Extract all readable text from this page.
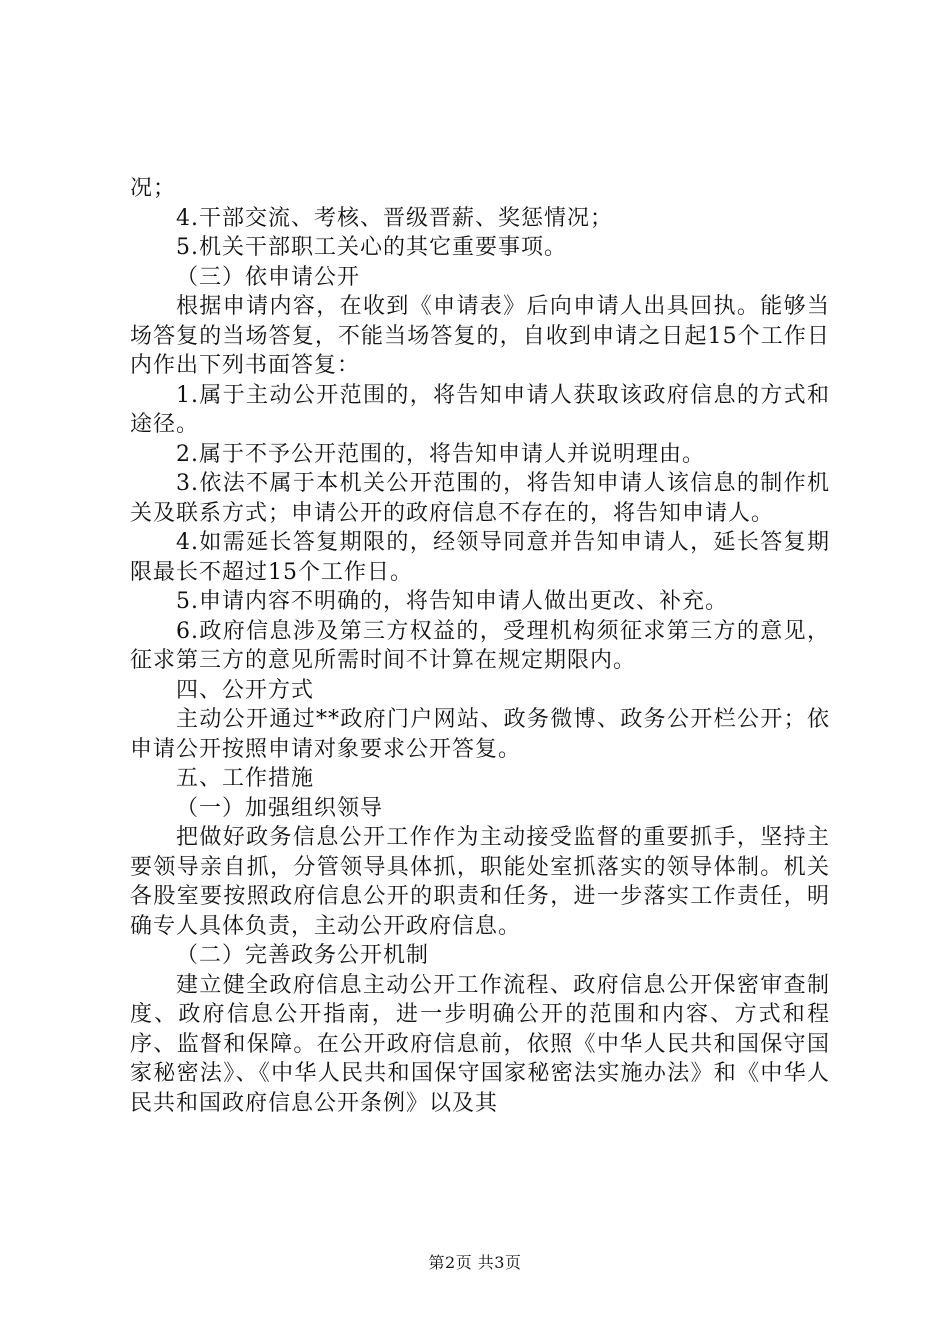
况；

4.干部交流、考核、晋级晋薪、奖惩情况；

5.机关干部职工关心的其它重要事项。

（三）依申请公开

根据申请内容，在收到《申请表》后向申请人出具回执。能够当场答复的当场答复，不能当场答复的，自收到申请之日起15个工作日内作出下列书面答复：

1.属于主动公开范围的，将告知申请人获取该政府信息的方式和途径。

2.属于不予公开范围的，将告知申请人并说明理由。

3.依法不属于本机关公开范围的，将告知申请人该信息的制作机关及联系方式；申请公开的政府信息不存在的，将告知申请人。

4.如需延长答复期限的，经领导同意并告知申请人，延长答复期限最长不超过15个工作日。

5.申请内容不明确的，将告知申请人做出更改、补充。

6.政府信息涉及第三方权益的，受理机构须征求第三方的意见，征求第三方的意见所需时间不计算在规定期限内。

四、公开方式

主动公开通过**政府门户网站、政务微博、政务公开栏公开；依申请公开按照申请对象要求公开答复。

五、工作措施

（一）加强组织领导

把做好政务信息公开工作作为主动接受监督的重要抓手，坚持主要领导亲自抓，分管领导具体抓，职能处室抓落实的领导体制。机关各股室要按照政府信息公开的职责和任务，进一步落实工作责任，明确专人具体负责，主动公开政府信息。

（二）完善政务公开机制

建立健全政府信息主动公开工作流程、政府信息公开保密审查制度、政府信息公开指南，进一步明确公开的范围和内容、方式和程序、监督和保障。在公开政府信息前，依照《中华人民共和国保守国家秘密法》、《中华人民共和国保守国家秘密法实施办法》和《中华人民共和国政府信息公开条例》以及其

第2页 共3页
